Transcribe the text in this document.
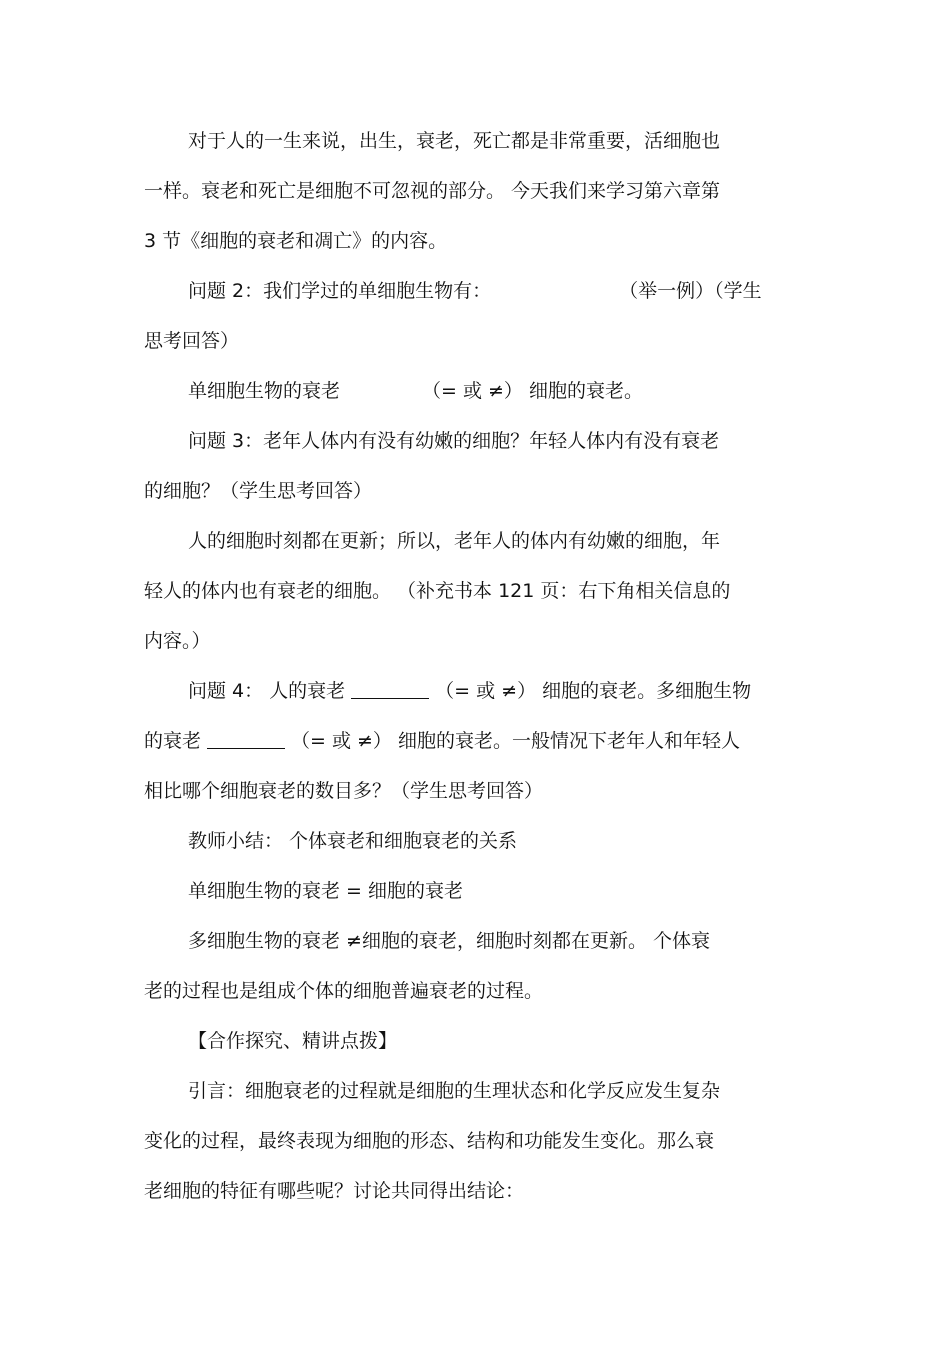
对于人的一生来说，出生，衰老，死亡都是非常重要，活细胞也
一样。衰老和死亡是细胞不可忽视的部分。 今天我们来学习第六章第
3 节《细胞的衰老和凋亡》的内容。
问题 2：我们学过的单细胞生物有：	（举一例）（学生
思考回答）
单细胞生物的衰老	（= 或 ≠） 细胞的衰老。
问题 3：老年人体内有没有幼嫩的细胞？年轻人体内有没有衰老
的细胞？（学生思考回答）
人的细胞时刻都在更新；所以，老年人的体内有幼嫩的细胞，年
轻人的体内也有衰老的细胞。 （补充书本 121 页：右下角相关信息的
内容。）
问题 4： 人的衰老	（= 或 ≠） 细胞的衰老。多细胞生物
的衰老	（= 或 ≠） 细胞的衰老。一般情况下老年人和年轻人
相比哪个细胞衰老的数目多？（学生思考回答）
教师小结： 个体衰老和细胞衰老的关系
单细胞生物的衰老 = 细胞的衰老
多细胞生物的衰老 ≠细胞的衰老，细胞时刻都在更新。 个体衰
老的过程也是组成个体的细胞普遍衰老的过程。
【合作探究、精讲点拨】
引言：细胞衰老的过程就是细胞的生理状态和化学反应发生复杂
变化的过程，最终表现为细胞的形态、结构和功能发生变化。那么衰
老细胞的特征有哪些呢？讨论共同得出结论：
